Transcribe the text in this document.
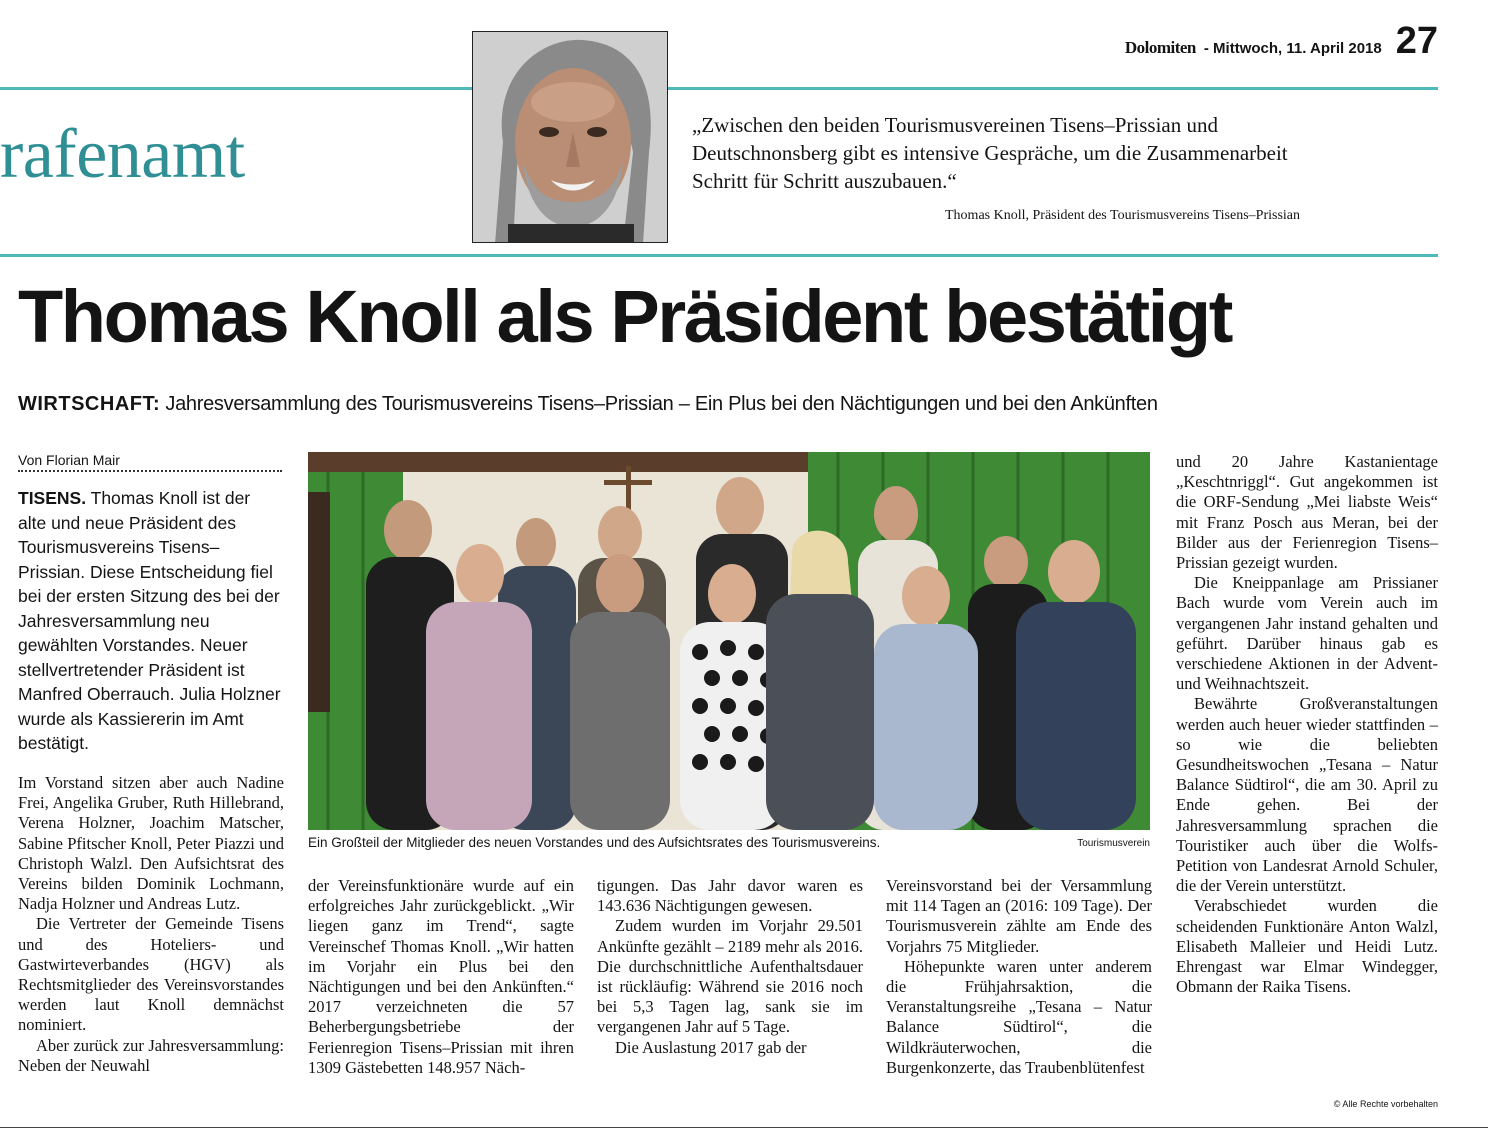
Dolomiten - Mittwoch, 11. April 2018 27
rafenamt	„Zwischen den beiden Tourismusvereinen Tisens–Prissian und Deutschnonsberg gibt es intensive Gespräche, um die Zusammenarbeit Schritt für Schritt auszubauen.“
Thomas Knoll, Präsident des Tourismusvereins Tisens–Prissian
Thomas Knoll als Präsident bestätigt
WIRTSCHAFT: Jahresversammlung des Tourismusvereins Tisens–Prissian – Ein Plus bei den Nächtigungen und bei den Ankünften
Von Florian Mair
TISENS. Thomas Knoll ist der alte und neue Präsident des Tourismusvereins Tisens–Prissian. Diese Entscheidung fiel bei der ersten Sitzung des bei der Jahresversammlung neu gewählten Vorstandes. Neuer stellvertretender Präsident ist Manfred Oberrauch. Julia Holzner wurde als Kassiererin im Amt bestätigt.

Im Vorstand sitzen aber auch Nadine Frei, Angelika Gruber, Ruth Hillebrand, Verena Holzner, Joachim Matscher, Sabine Pfitscher Knoll, Peter Piazzi und Christoph Walzl. Den Aufsichtsrat des Vereins bilden Dominik Lochmann, Nadja Holzner und Andreas Lutz.

Die Vertreter der Gemeinde Tisens und des Hoteliers- und Gastwirteverbandes (HGV) als Rechtsmitglieder des Vereinsvorstandes werden laut Knoll demnächst nominiert.

Aber zurück zur Jahresversammlung: Neben der Neuwahl

Ein Großteil der Mitglieder des neuen Vorstandes und des Aufsichtsrates des Tourismusvereins.	Tourismusverein

der Vereinsfunktionäre wurde auf ein erfolgreiches Jahr zurückgeblickt. „Wir liegen ganz im Trend“, sagte Vereinschef Thomas Knoll. „Wir hatten im Vorjahr ein Plus bei den Nächtigungen und bei den Ankünften.“ 2017 verzeichneten die 57 Beherbergungsbetriebe der Ferienregion Tisens–Prissian mit ihren 1309 Gästebetten 148.957 Näch-

tigungen. Das Jahr davor waren es 143.636 Nächtigungen gewesen.

Zudem wurden im Vorjahr 29.501 Ankünfte gezählt – 2189 mehr als 2016. Die durchschnittliche Aufenthaltsdauer ist rückläufig: Während sie 2016 noch bei 5,3 Tagen lag, sank sie im vergangenen Jahr auf 5 Tage.

Die Auslastung 2017 gab der

Vereinsvorstand bei der Versammlung mit 114 Tagen an (2016: 109 Tage). Der Tourismusverein zählte am Ende des Vorjahrs 75 Mitglieder.

Höhepunkte waren unter anderem die Frühjahrsaktion, die Veranstaltungsreihe „Tesana – Natur Balance Südtirol“, die Wildkräuterwochen, die Burgenkonzerte, das Traubenblütenfest

und 20 Jahre Kastanientage „Keschtnriggl“. Gut angekommen ist die ORF-Sendung „Mei liabste Weis“ mit Franz Posch aus Meran, bei der Bilder aus der Ferienregion Tisens–Prissian gezeigt wurden.

Die Kneippanlage am Prissianer Bach wurde vom Verein auch im vergangenen Jahr instand gehalten und geführt. Darüber hinaus gab es verschiedene Aktionen in der Advent- und Weihnachtszeit.

Bewährte Großveranstaltungen werden auch heuer wieder stattfinden – so wie die beliebten Gesundheitswochen „Tesana – Natur Balance Südtirol“, die am 30. April zu Ende gehen. Bei der Jahresversammlung sprachen die Touristiker auch über die Wolfs-Petition von Landesrat Arnold Schuler, die der Verein unterstützt.

Verabschiedet wurden die scheidenden Funktionäre Anton Walzl, Elisabeth Malleier und Heidi Lutz. Ehrengast war Elmar Windegger, Obmann der Raika Tisens.

© Alle Rechte vorbehalten
